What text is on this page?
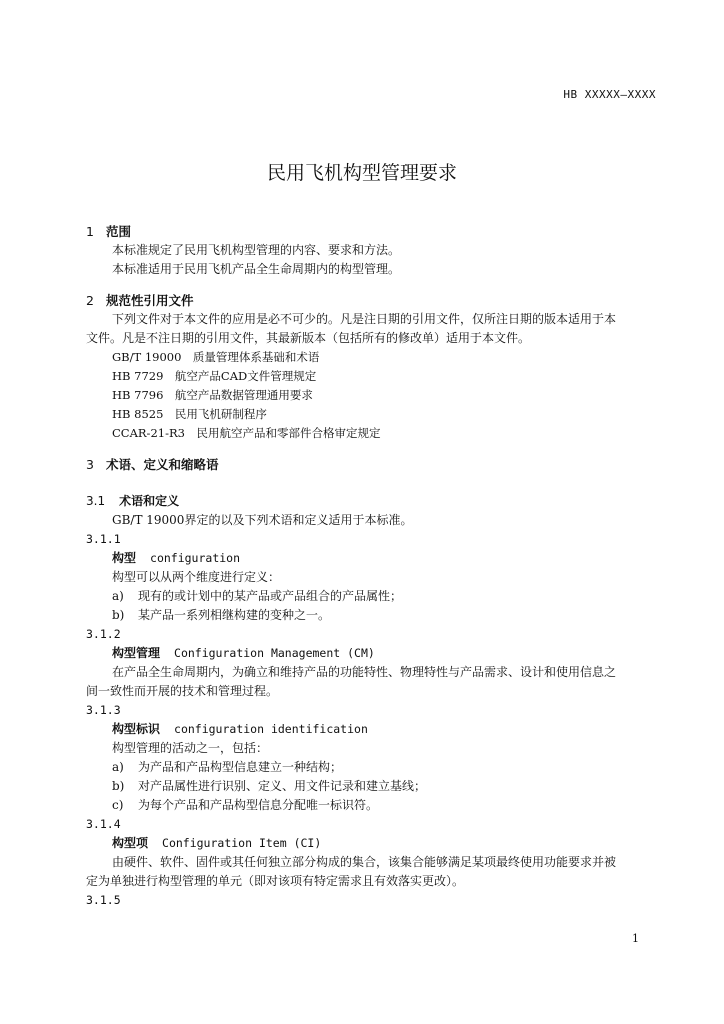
HB XXXXX—XXXX
民用飞机构型管理要求
1 范围
本标准规定了民用飞机构型管理的内容、要求和方法。
本标准适用于民用飞机产品全生命周期内的构型管理。
2 规范性引用文件
下列文件对于本文件的应用是必不可少的。凡是注日期的引用文件，仅所注日期的版本适用于本
文件。凡是不注日期的引用文件，其最新版本（包括所有的修改单）适用于本文件。
GB/T 19000　质量管理体系基础和术语
HB 7729　航空产品CAD文件管理规定
HB 7796　航空产品数据管理通用要求
HB 8525　民用飞机研制程序
CCAR-21-R3　民用航空产品和零部件合格审定规定
3 术语、定义和缩略语
3.1 术语和定义
GB/T 19000界定的以及下列术语和定义适用于本标准。
3.1.1
构型 configuration
构型可以从两个维度进行定义：
a) 现有的或计划中的某产品或产品组合的产品属性；
b) 某产品一系列相继构建的变种之一。
3.1.2
构型管理 Configuration Management (CM)
在产品全生命周期内，为确立和维持产品的功能特性、物理特性与产品需求、设计和使用信息之
间一致性而开展的技术和管理过程。
3.1.3
构型标识 configuration identification
构型管理的活动之一，包括：
a) 为产品和产品构型信息建立一种结构；
b) 对产品属性进行识别、定义、用文件记录和建立基线；
c) 为每个产品和产品构型信息分配唯一标识符。
3.1.4
构型项 Configuration Item (CI)
由硬件、软件、固件或其任何独立部分构成的集合，该集合能够满足某项最终使用功能要求并被
定为单独进行构型管理的单元（即对该项有特定需求且有效落实更改）。
3.1.5
1
